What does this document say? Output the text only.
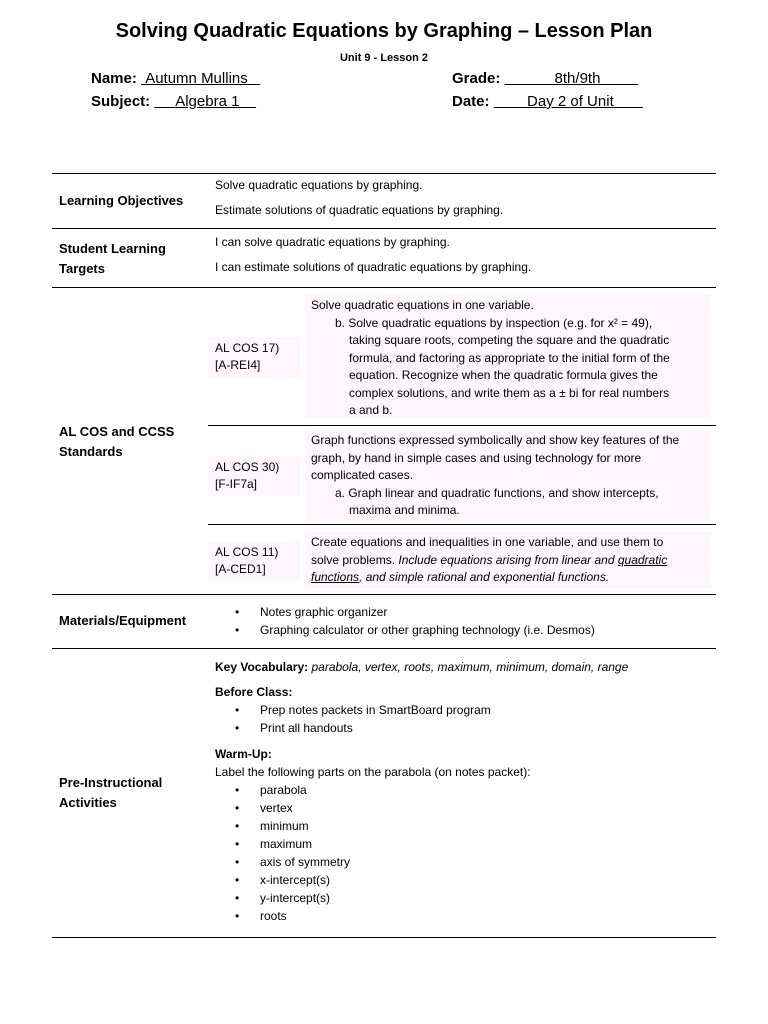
Solving Quadratic Equations by Graphing – Lesson Plan
Unit 9 - Lesson 2
Name: Autumn Mullins
Subject: Algebra 1
Grade:	8th/9th
Date:	Day 2 of Unit
Learning Objectives
Solve quadratic equations by graphing.
Estimate solutions of quadratic equations by graphing.
Student Learning
Targets
I can solve quadratic equations by graphing.
I can estimate solutions of quadratic equations by graphing.
AL COS and CCSS
Standards
AL COS 17)
[A-REI4]
Solve quadratic equations in one variable.
b. Solve quadratic equations by inspection (e.g. for x² = 49),
taking square roots, competing the square and the quadratic
formula, and factoring as appropriate to the initial form of the
equation. Recognize when the quadratic formula gives the
complex solutions, and write them as a ± bi for real numbers
a and b.
AL COS 30)
[F-IF7a]
Graph functions expressed symbolically and show key features of the
graph, by hand in simple cases and using technology for more
complicated cases.
a. Graph linear and quadratic functions, and show intercepts,
maxima and minima.
AL COS 11)
[A-CED1]
Create equations and inequalities in one variable, and use them to
solve problems. Include equations arising from linear and quadratic
functions, and simple rational and exponential functions.
Materials/Equipment
• Notes graphic organizer
• Graphing calculator or other graphing technology (i.e. Desmos)
Pre-Instructional
Activities
Key Vocabulary: parabola, vertex, roots, maximum, minimum, domain, range
Before Class:
• Prep notes packets in SmartBoard program
• Print all handouts
Warm-Up:
Label the following parts on the parabola (on notes packet):
• parabola
• vertex
• minimum
• maximum
• axis of symmetry
• x-intercept(s)
• y-intercept(s)
• roots
